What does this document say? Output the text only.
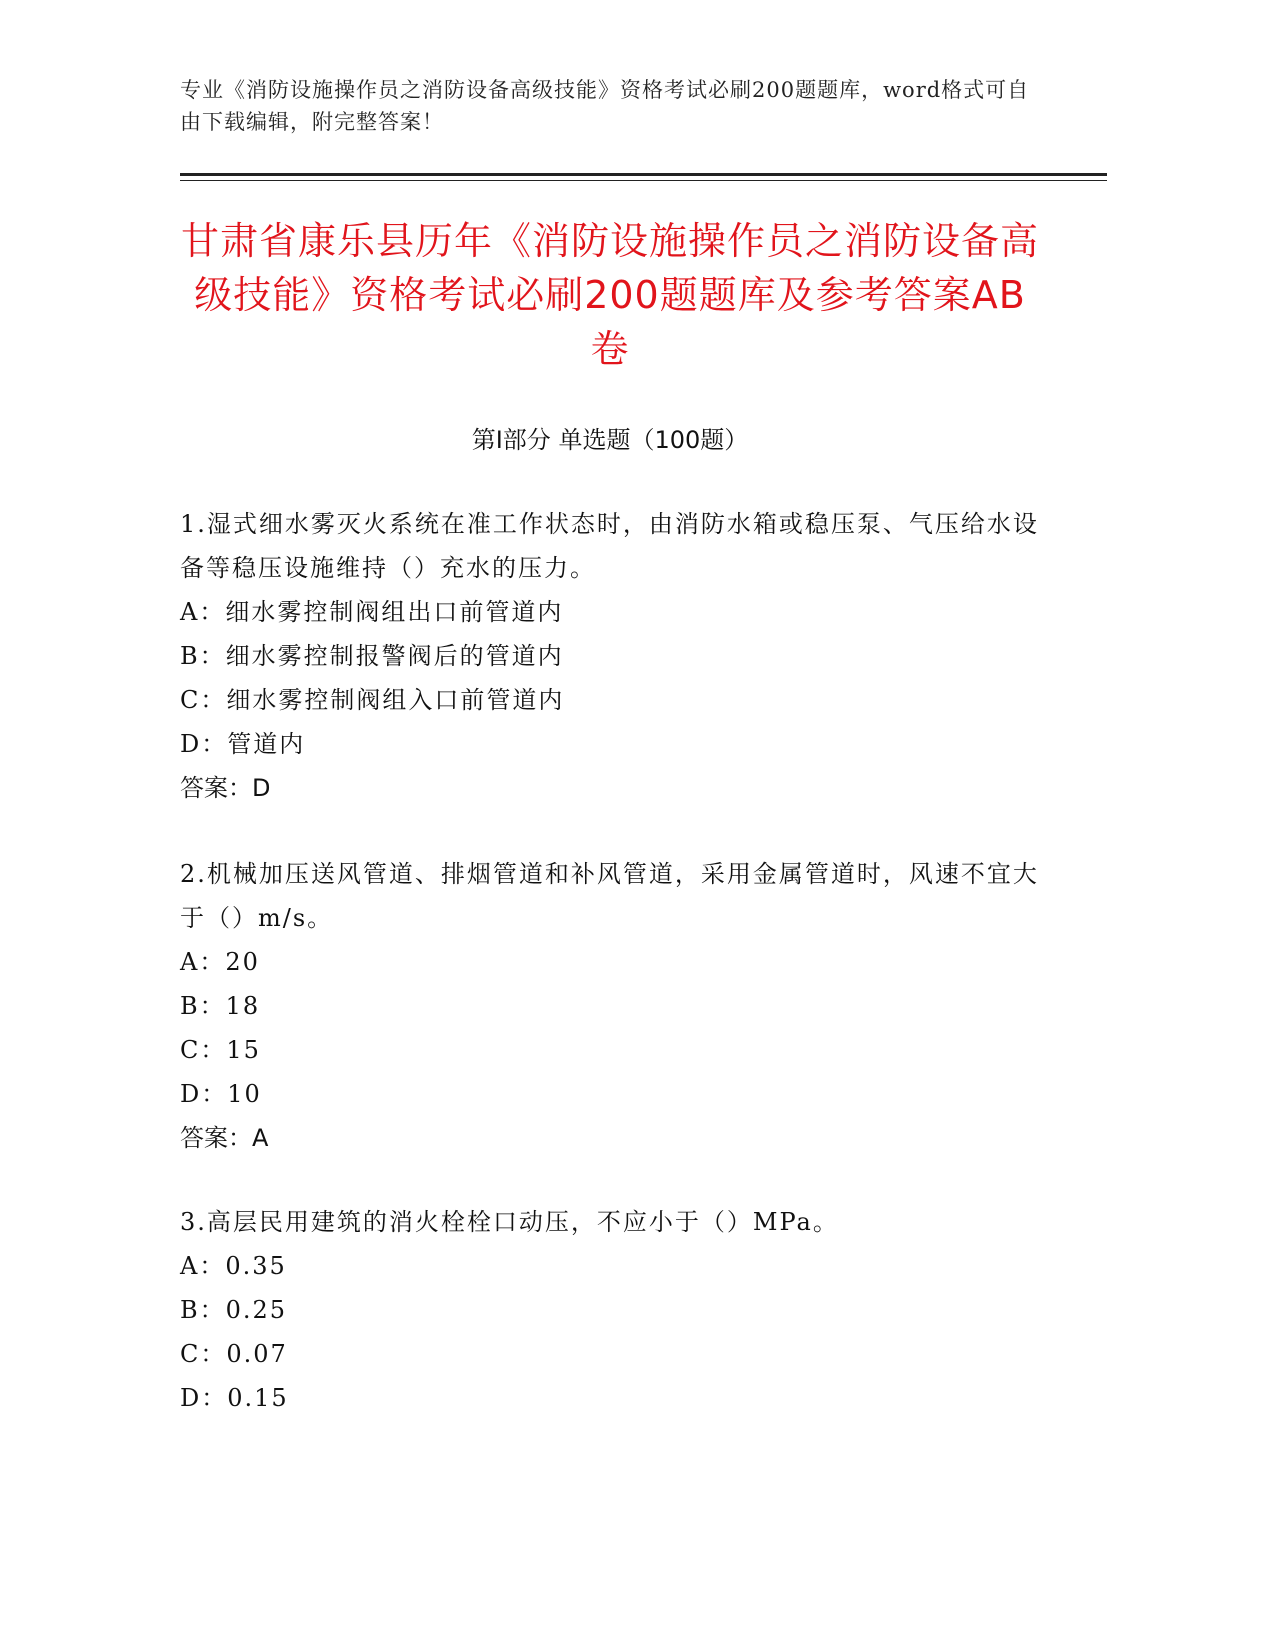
专业《消防设施操作员之消防设备高级技能》资格考试必刷200题题库，word格式可自由下载编辑，附完整答案！
甘肃省康乐县历年《消防设施操作员之消防设备高级技能》资格考试必刷200题题库及参考答案AB卷
第Ⅰ部分 单选题（100题）

1.湿式细水雾灭火系统在准工作状态时，由消防水箱或稳压泵、气压给水设备等稳压设施维持（）充水的压力。

A：细水雾控制阀组出口前管道内

B：细水雾控制报警阀后的管道内

C：细水雾控制阀组入口前管道内

D：管道内

答案：D

2.机械加压送风管道、排烟管道和补风管道，采用金属管道时，风速不宜大于（）m/s。

A：20

B：18

C：15

D：10

答案：A

3.高层民用建筑的消火栓栓口动压，不应小于（）MPa。

A：0.35

B：0.25

C：0.07

D：0.15
